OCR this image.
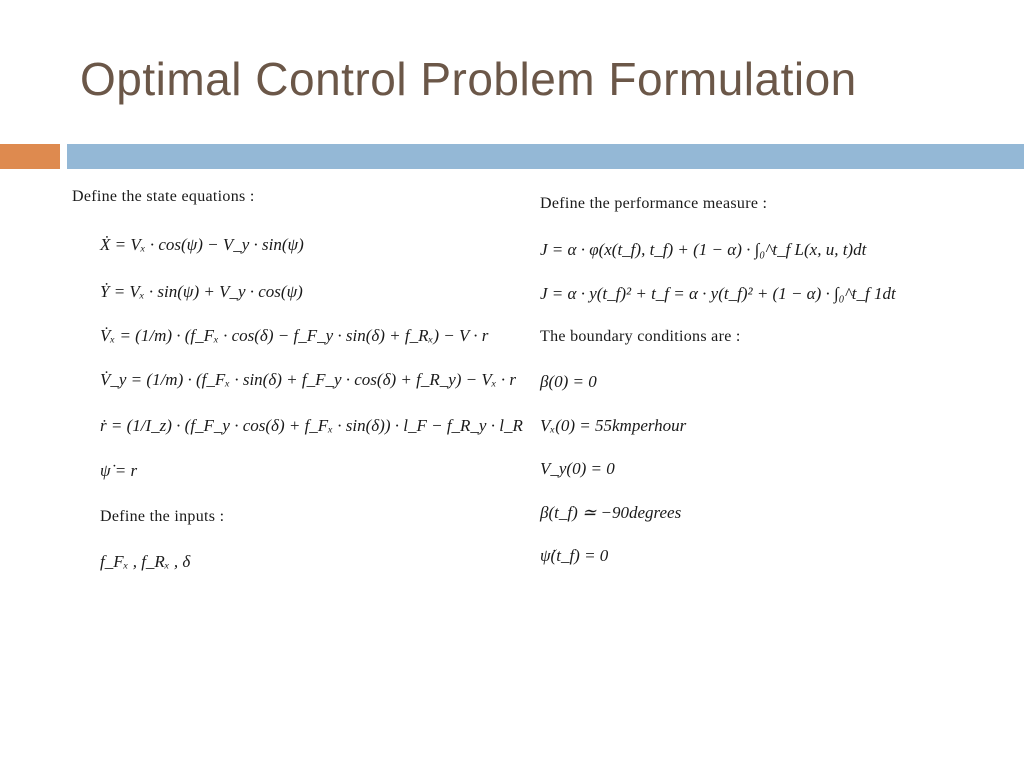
Optimal Control Problem Formulation
Define the state equations :
Ẋ = Vₓ · cos(ψ) − V_y · sin(ψ)
Ẏ = Vₓ · sin(ψ) + V_y · cos(ψ)
V̇ₓ = (1/m) · (f_Fₓ · cos(δ) − f_F_y · sin(δ) + f_Rₓ) − V · r
V̇_y = (1/m) · (f_Fₓ · sin(δ) + f_F_y · cos(δ) + f_R_y) − Vₓ · r
ṙ = (1/I_z) · (f_F_y · cos(δ) + f_Fₓ · sin(δ)) · l_F − f_R_y · l_R
ψ̇ = r
Define the inputs :
f_Fₓ , f_Rₓ , δ
Define the performance measure :
J = α · φ(x(t_f), t_f) + (1 − α) · ∫₀^t_f L(x, u, t)dt
J = α · y(t_f)² + t_f = α · y(t_f)² + (1 − α) · ∫₀^t_f 1dt
The boundary conditions are :
β(0) = 0
Vₓ(0) = 55kmperhour
V_y(0) = 0
β(t_f) ≃ −90degrees
ψ̇(t_f) = 0
